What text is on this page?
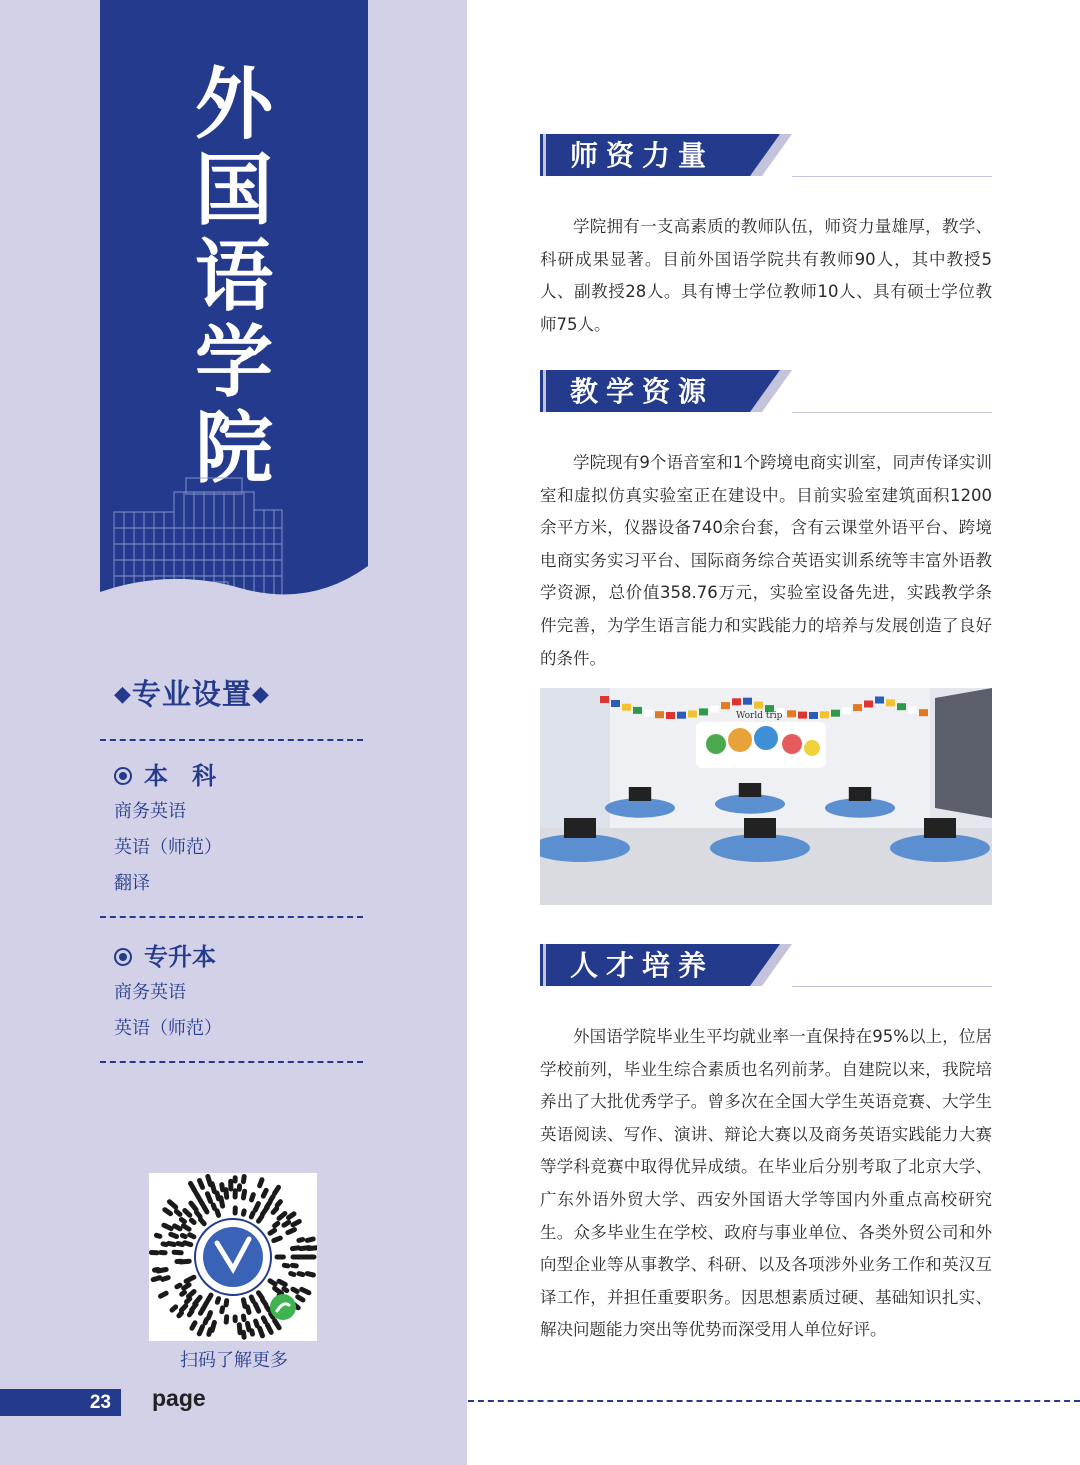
外
国
语
学
院
◆专业设置◆
本　科
商务英语
英语（师范）
翻译
专升本
商务英语
英语（师范）
扫码了解更多
23	page
师资力量
学院拥有一支高素质的教师队伍，师资力量雄厚，教学、科研成果显著。目前外国语学院共有教师90人，其中教授5人、副教授28人。具有博士学位教师10人、具有硕士学位教师75人。
教学资源
学院现有9个语音室和1个跨境电商实训室，同声传译实训室和虚拟仿真实验室正在建设中。目前实验室建筑面积1200余平方米，仪器设备740余台套，含有云课堂外语平台、跨境电商实务实习平台、国际商务综合英语实训系统等丰富外语教学资源，总价值358.76万元，实验室设备先进，实践教学条件完善，为学生语言能力和实践能力的培养与发展创造了良好的条件。
World trip
人才培养
外国语学院毕业生平均就业率一直保持在95%以上，位居学校前列，毕业生综合素质也名列前茅。自建院以来，我院培养出了大批优秀学子。曾多次在全国大学生英语竞赛、大学生英语阅读、写作、演讲、辩论大赛以及商务英语实践能力大赛等学科竞赛中取得优异成绩。在毕业后分别考取了北京大学、广东外语外贸大学、西安外国语大学等国内外重点高校研究生。众多毕业生在学校、政府与事业单位、各类外贸公司和外向型企业等从事教学、科研、以及各项涉外业务工作和英汉互译工作，并担任重要职务。因思想素质过硬、基础知识扎实、解决问题能力突出等优势而深受用人单位好评。
